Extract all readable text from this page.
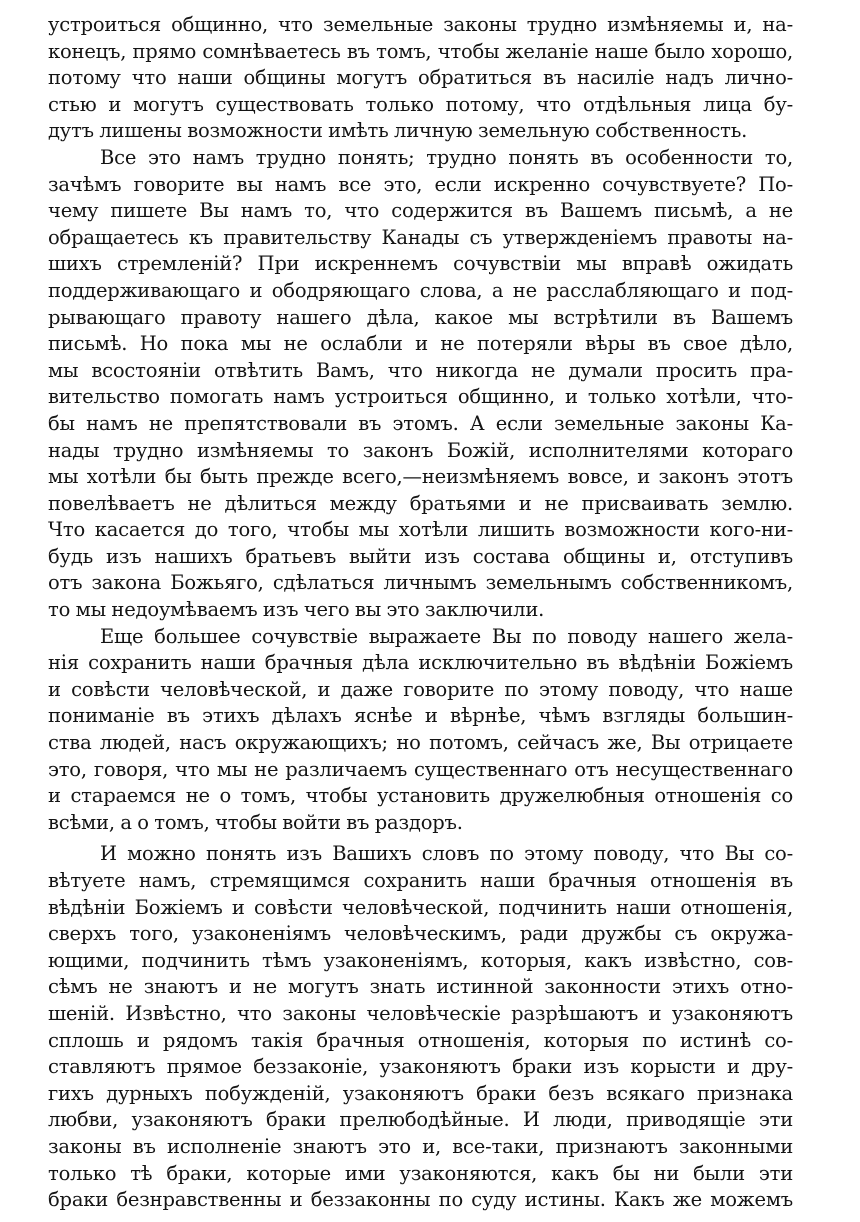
устроиться общинно, что земельные законы трудно измѣняемы и, на-
конецъ, прямо сомнѣваетесь въ томъ, чтобы желанiе наше было хорошо,
потому что наши общины могутъ обратиться въ насилiе надъ лично-
стью и могутъ существовать только потому, что отдѣльныя лица бу-
дутъ лишены возможности имѣть личную земельную собственность.
Все это намъ трудно понять; трудно понять въ особенности то,
зачѣмъ говорите вы намъ все это, если искренно сочувствуете? По-
чему пишете Вы намъ то, что содержится въ Вашемъ письмѣ, а не
обращаетесь къ правительству Канады съ утвержденiемъ правоты на-
шихъ стремленiй? При искреннемъ сочувствiи мы вправѣ ожидать
поддерживающаго и ободряющаго слова, а не расслабляющаго и под-
рывающаго правоту нашего дѣла, какое мы встрѣтили въ Вашемъ
письмѣ. Но пока мы не ослабли и не потеряли вѣры въ свое дѣло,
мы всостоянiи отвѣтить Вамъ, что никогда не думали просить пра-
вительство помогать намъ устроиться общинно, и только хотѣли, что-
бы намъ не препятствовали въ этомъ. А если земельные законы Ка-
нады трудно измѣняемы то законъ Божiй, исполнителями котораго
мы хотѣли бы быть прежде всего,—неизмѣняемъ вовсе, и законъ этотъ
повелѣваетъ не дѣлиться между братьями и не присваивать землю.
Что касается до того, чтобы мы хотѣли лишить возможности кого-ни-
будь изъ нашихъ братьевъ выйти изъ состава общины и, отступивъ
отъ закона Божьяго, сдѣлаться личнымъ земельнымъ собственникомъ,
то мы недоумѣваемъ изъ чего вы это заключили.
Еще большее сочувствiе выражаете Вы по поводу нашего жела-
нiя сохранить наши брачныя дѣла исключительно въ вѣдѣнiи Божiемъ
и совѣсти человѣческой, и даже говорите по этому поводу, что наше
пониманiе въ этихъ дѣлахъ яснѣе и вѣрнѣе, чѣмъ взгляды большин-
ства людей, насъ окружающихъ; но потомъ, сейчасъ же, Вы отрицаете
это, говоря, что мы не различаемъ существеннаго отъ несущественнаго
и стараемся не о томъ, чтобы установить дружелюбныя отношенiя со
всѣми, а о томъ, чтобы войти въ раздоръ.
И можно понять изъ Вашихъ словъ по этому поводу, что Вы со-
вѣтуете намъ, стремящимся сохранить наши брачныя отношенiя въ
вѣдѣнiи Божiемъ и совѣсти человѣческой, подчинить наши отношенiя,
сверхъ того, узаконенiямъ человѣческимъ, ради дружбы съ окружа-
ющими, подчинить тѣмъ узаконенiямъ, которыя, какъ извѣстно, сов-
сѣмъ не знаютъ и не могутъ знать истинной законности этихъ отно-
шенiй. Извѣстно, что законы человѣческiе разрѣшаютъ и узаконяютъ
сплошь и рядомъ такiя брачныя отношенiя, которыя по истинѣ со-
ставляютъ прямое беззаконiе, узаконяютъ браки изъ корысти и дру-
гихъ дурныхъ побужденiй, узаконяютъ браки безъ всякаго признака
любви, узаконяютъ браки прелюбодѣйные. И люди, приводящiе эти
законы въ исполненiе знаютъ это и, все-таки, признаютъ законными
только тѣ браки, которые ими узаконяются, какъ бы ни были эти
браки безнравственны и беззаконны по суду истины. Какъ же можемъ
